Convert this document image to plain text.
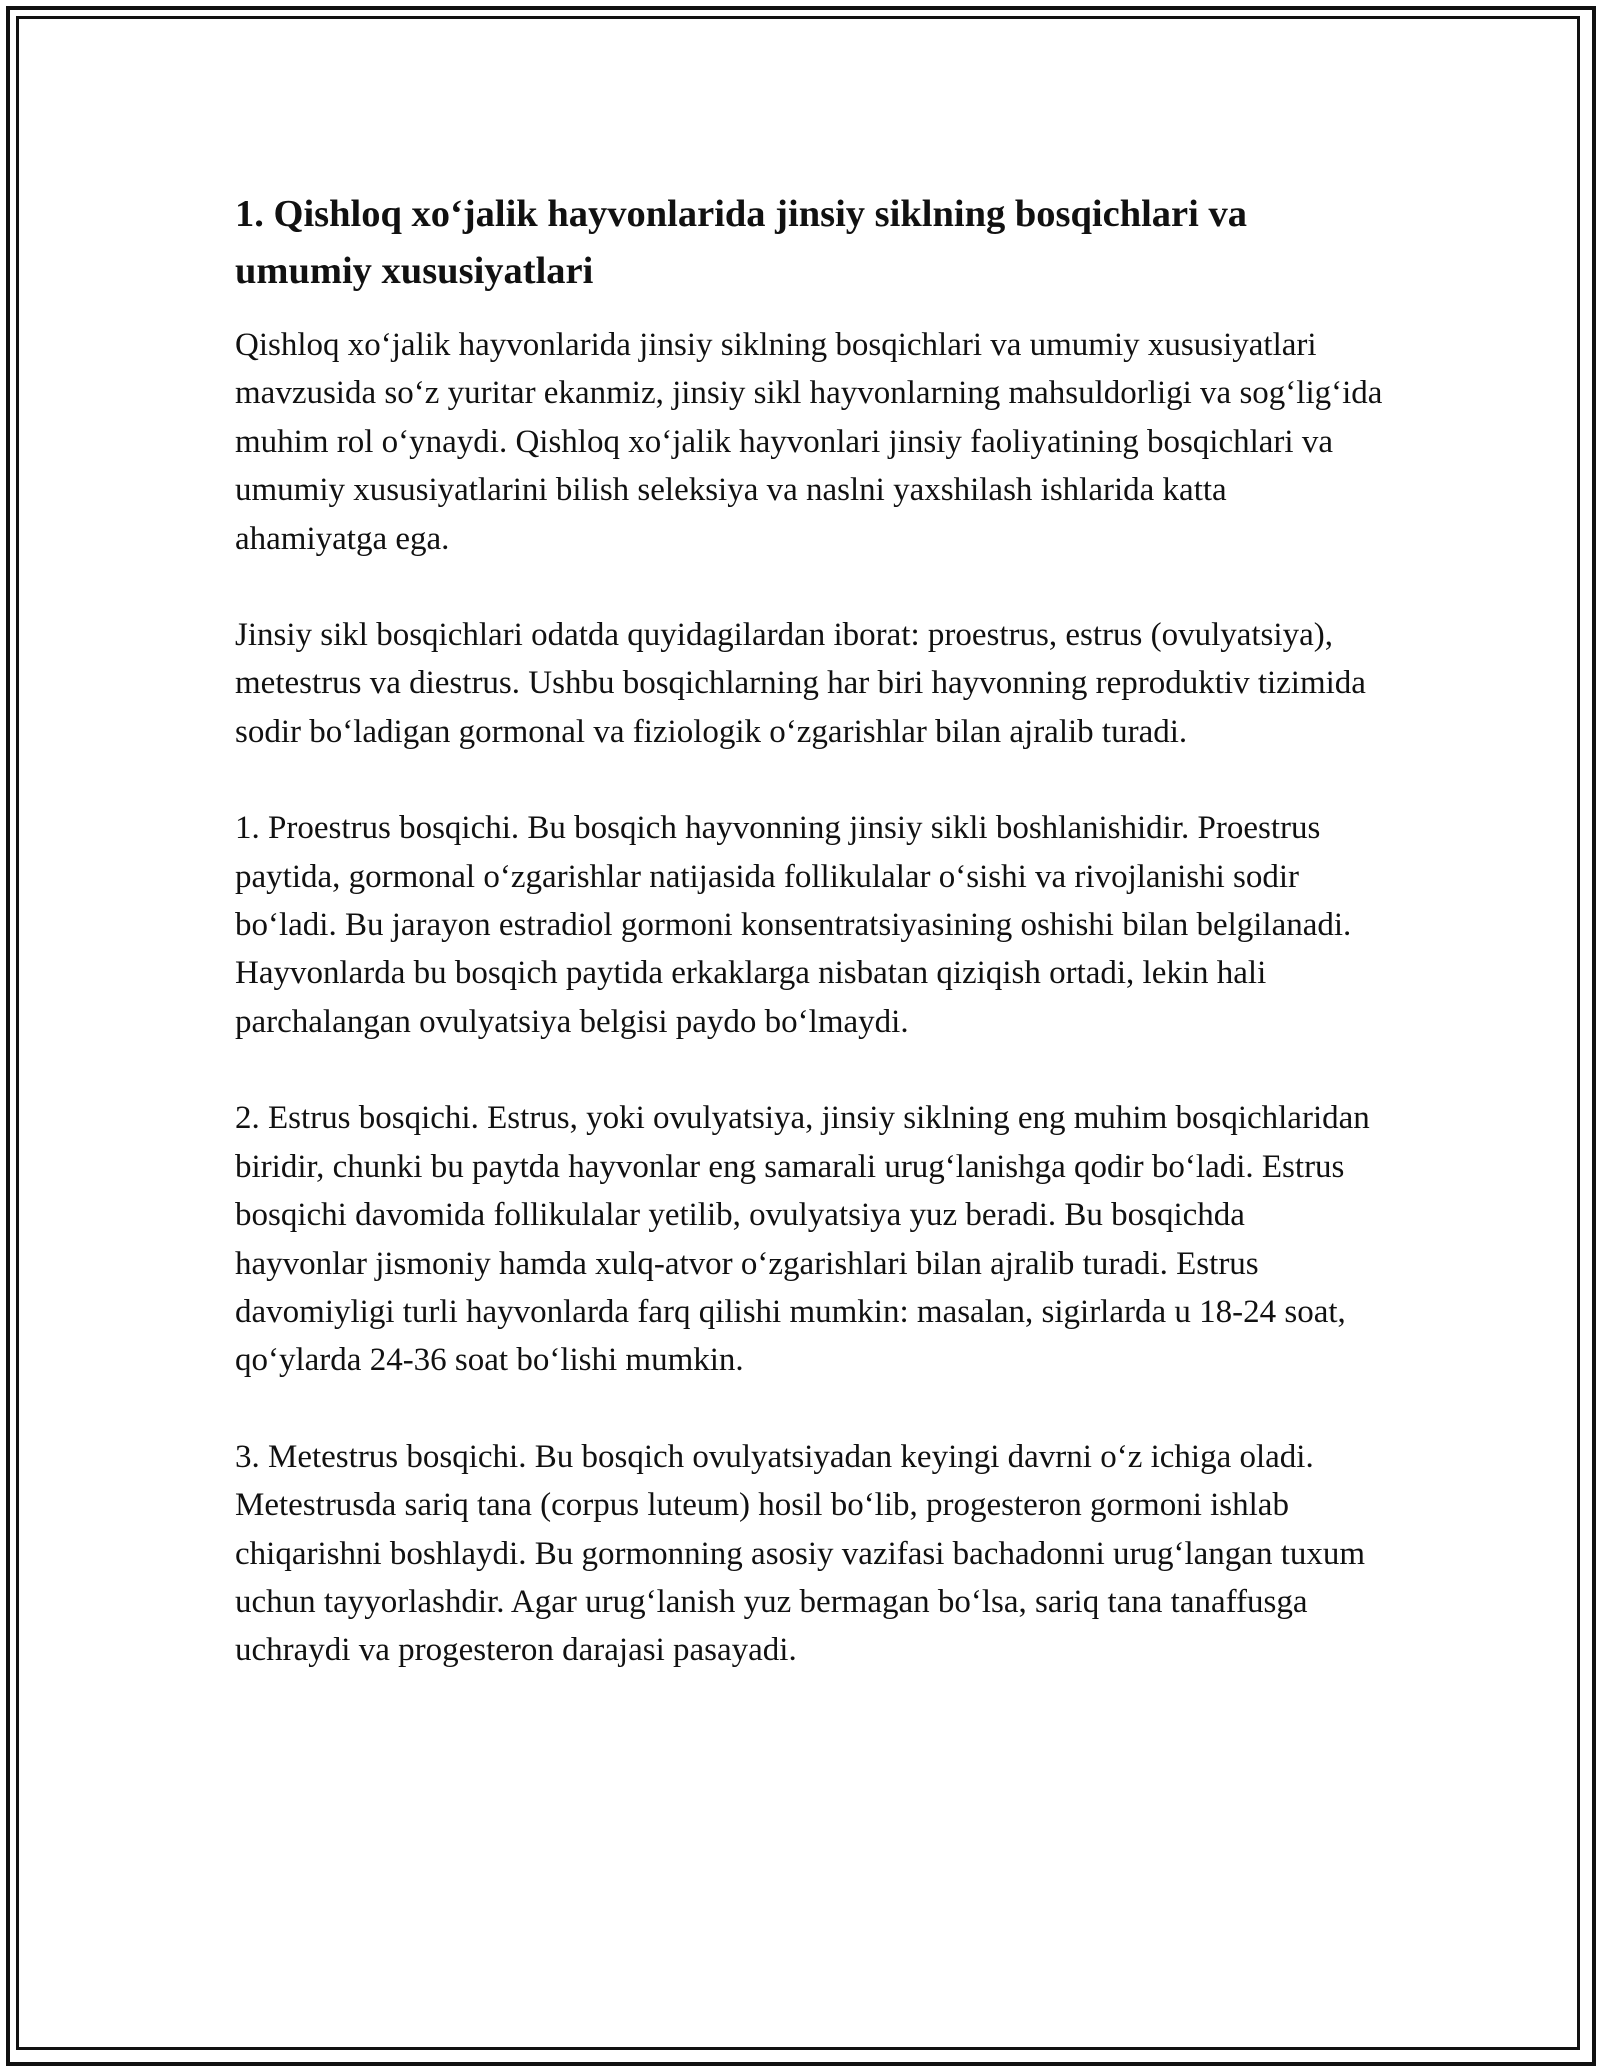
1. Qishloq xo‘jalik hayvonlarida jinsiy siklning bosqichlari va umumiy xususiyatlari

Qishloq xo‘jalik hayvonlarida jinsiy siklning bosqichlari va umumiy xususiyatlari mavzusida so‘z yuritar ekanmiz, jinsiy sikl hayvonlarning mahsuldorligi va sog‘lig‘ida muhim rol o‘ynaydi. Qishloq xo‘jalik hayvonlari jinsiy faoliyatining bosqichlari va umumiy xususiyatlarini bilish seleksiya va naslni yaxshilash ishlarida katta ahamiyatga ega.

Jinsiy sikl bosqichlari odatda quyidagilardan iborat: proestrus, estrus (ovulyatsiya), metestrus va diestrus. Ushbu bosqichlarning har biri hayvonning reproduktiv tizimida sodir bo‘ladigan gormonal va fiziologik o‘zgarishlar bilan ajralib turadi.

1. Proestrus bosqichi. Bu bosqich hayvonning jinsiy sikli boshlanishidir. Proestrus paytida, gormonal o‘zgarishlar natijasida follikulalar o‘sishi va rivojlanishi sodir bo‘ladi. Bu jarayon estradiol gormoni konsentratsiyasining oshishi bilan belgilanadi. Hayvonlarda bu bosqich paytida erkaklarga nisbatan qiziqish ortadi, lekin hali parchalangan ovulyatsiya belgisi paydo bo‘lmaydi.

2. Estrus bosqichi. Estrus, yoki ovulyatsiya, jinsiy siklning eng muhim bosqichlaridan biridir, chunki bu paytda hayvonlar eng samarali urug‘lanishga qodir bo‘ladi. Estrus bosqichi davomida follikulalar yetilib, ovulyatsiya yuz beradi. Bu bosqichda hayvonlar jismoniy hamda xulq-atvor o‘zgarishlari bilan ajralib turadi. Estrus davomiyligi turli hayvonlarda farq qilishi mumkin: masalan, sigirlarda u 18-24 soat, qo‘ylarda 24-36 soat bo‘lishi mumkin.

3. Metestrus bosqichi. Bu bosqich ovulyatsiyadan keyingi davrni o‘z ichiga oladi. Metestrusda sariq tana (corpus luteum) hosil bo‘lib, progesteron gormoni ishlab chiqarishni boshlaydi. Bu gormonning asosiy vazifasi bachadonni urug‘langan tuxum uchun tayyorlashdir. Agar urug‘lanish yuz bermagan bo‘lsa, sariq tana tanaffusga uchraydi va progesteron darajasi pasayadi.
